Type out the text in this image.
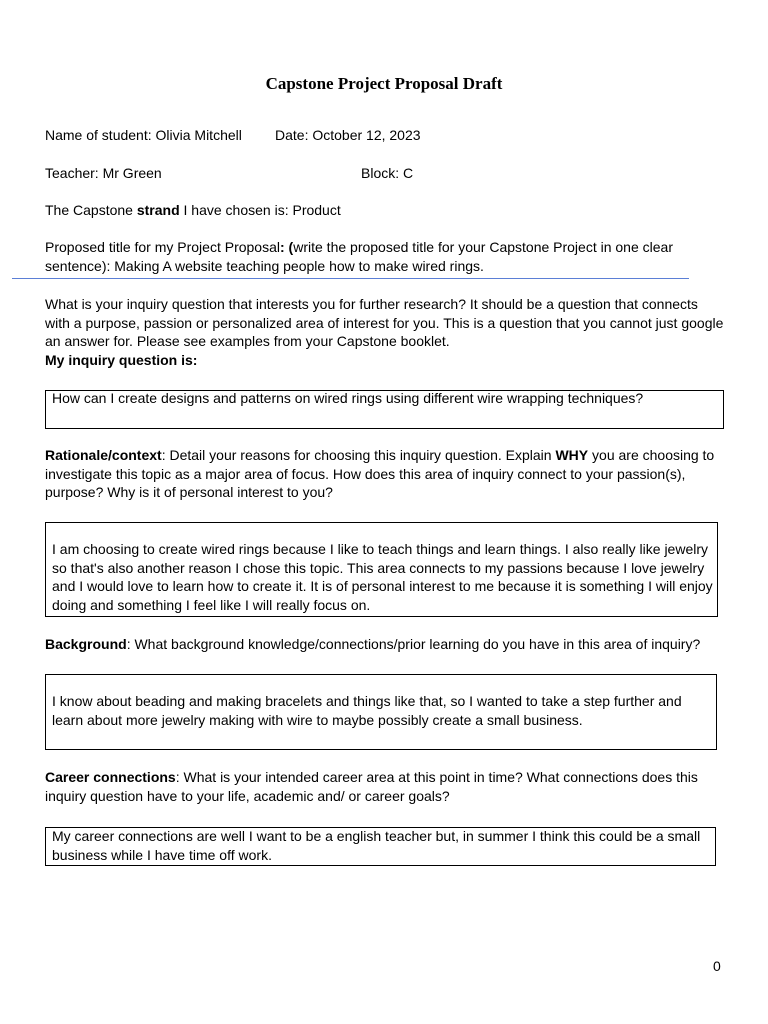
Capstone Project Proposal Draft
Name of student: Olivia Mitchell Date: October 12, 2023
Teacher: Mr Green	Block: C
The Capstone strand I have chosen is: Product
Proposed title for my Project Proposal: (write the proposed title for your Capstone Project in one clear sentence): Making A website teaching people how to make wired rings.
What is your inquiry question that interests you for further research? It should be a question that connects with a purpose, passion or personalized area of interest for you. This is a question that you cannot just google an answer for. Please see examples from your Capstone booklet.
My inquiry question is:
How can I create designs and patterns on wired rings using different wire wrapping techniques?
Rationale/context: Detail your reasons for choosing this inquiry question. Explain WHY you are choosing to investigate this topic as a major area of focus. How does this area of inquiry connect to your passion(s), purpose? Why is it of personal interest to you?
I am choosing to create wired rings because I like to teach things and learn things. I also really like jewelry so that's also another reason I chose this topic. This area connects to my passions because I love jewelry and I would love to learn how to create it. It is of personal interest to me because it is something I will enjoy doing and something I feel like I will really focus on.
Background: What background knowledge/connections/prior learning do you have in this area of inquiry?
I know about beading and making bracelets and things like that, so I wanted to take a step further and learn about more jewelry making with wire to maybe possibly create a small business.
Career connections: What is your intended career area at this point in time? What connections does this inquiry question have to your life, academic and/ or career goals?
My career connections are well I want to be a english teacher but, in summer I think this could be a small business while I have time off work.
0
